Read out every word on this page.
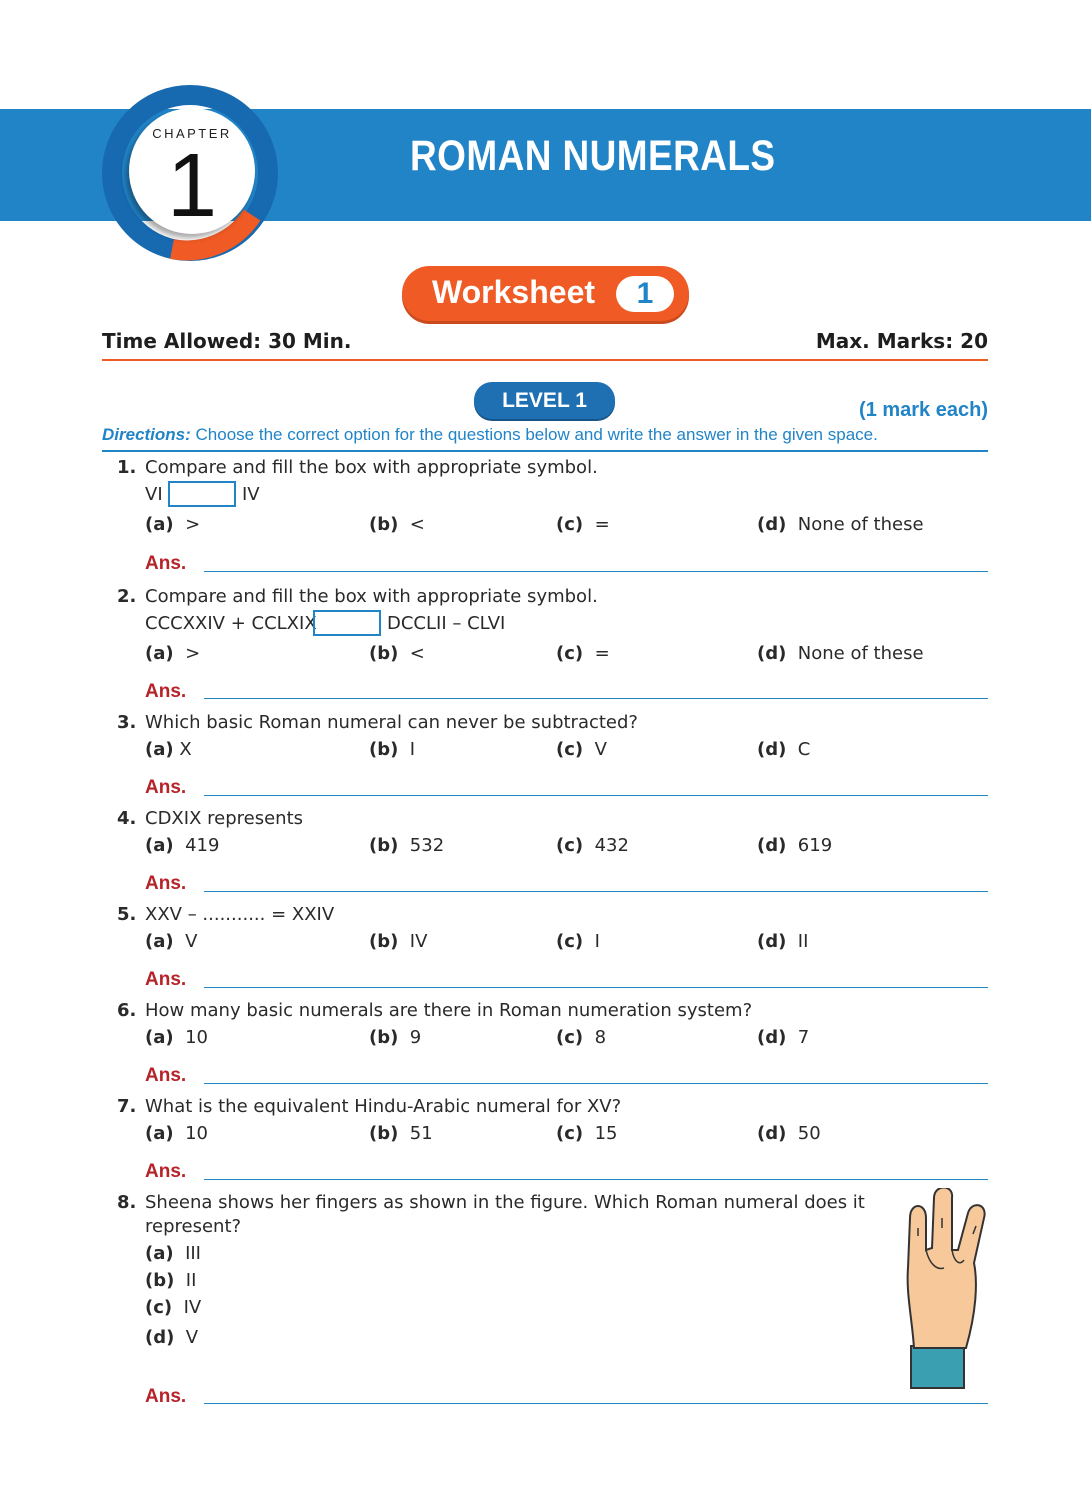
CHAPTER
1	ROMAN NUMERALS
Worksheet	1
Time Allowed: 30 Min.	Max. Marks: 20
LEVEL 1	(1 mark each)
Directions: Choose the correct option for the questions below and write the answer in the given space.
1. Compare and fill the box with appropriate symbol.
VI	IV
(a) >	(b) <	(c) =	(d) None of these
Ans.
2. Compare and fill the box with appropriate symbol.
CCCXXIV + CCLXIX	DCCLII – CLVI
(a) >	(b) <	(c) =	(d) None of these
Ans.
3. Which basic Roman numeral can never be subtracted?
(a) X	(b) I	(c) V	(d) C
Ans.
4. CDXIX represents
(a) 419	(b) 532	(c) 432	(d) 619
Ans.
5. XXV – ........... = XXIV
(a) V	(b) IV	(c) I	(d) II
Ans.
6. How many basic numerals are there in Roman numeration system?
(a) 10	(b) 9	(c) 8	(d) 7
Ans.
7. What is the equivalent Hindu-Arabic numeral for XV?
(a) 10	(b) 51	(c) 15	(d) 50
Ans.
8. Sheena shows her fingers as shown in the figure. Which Roman numeral does it
represent?
(a) III
(b) II
(c) IV
(d) V
Ans.
